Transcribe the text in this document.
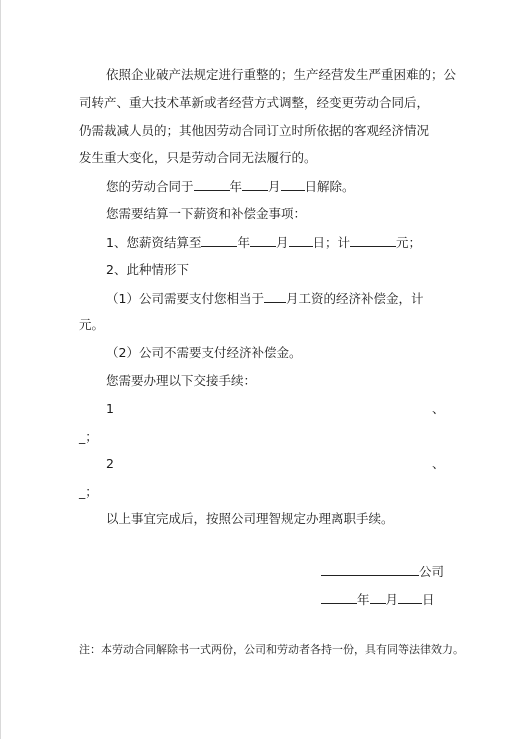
依照企业破产法规定进行重整的；生产经营发生严重困难的；公
司转产、重大技术革新或者经营方式调整，经变更劳动合同后，
仍需裁减人员的；其他因劳动合同订立时所依据的客观经济情况
发生重大变化，只是劳动合同无法履行的。
您的劳动合同于	年 月 日解除。
您需要结算一下薪资和补偿金事项：
1、您薪资结算至	年 月 日；计	元；
2、此种情形下
（1）公司需要支付您相当于 月工资的经济补偿金，计
元。
（2）公司不需要支付经济补偿金。
您需要办理以下交接手续：
1	、
_；
2	、
_；
以上事宜完成后，按照公司理智规定办理离职手续。
公司
年 月 日
注：本劳动合同解除书一式两份，公司和劳动者各持一份，具有同等法律效力。
